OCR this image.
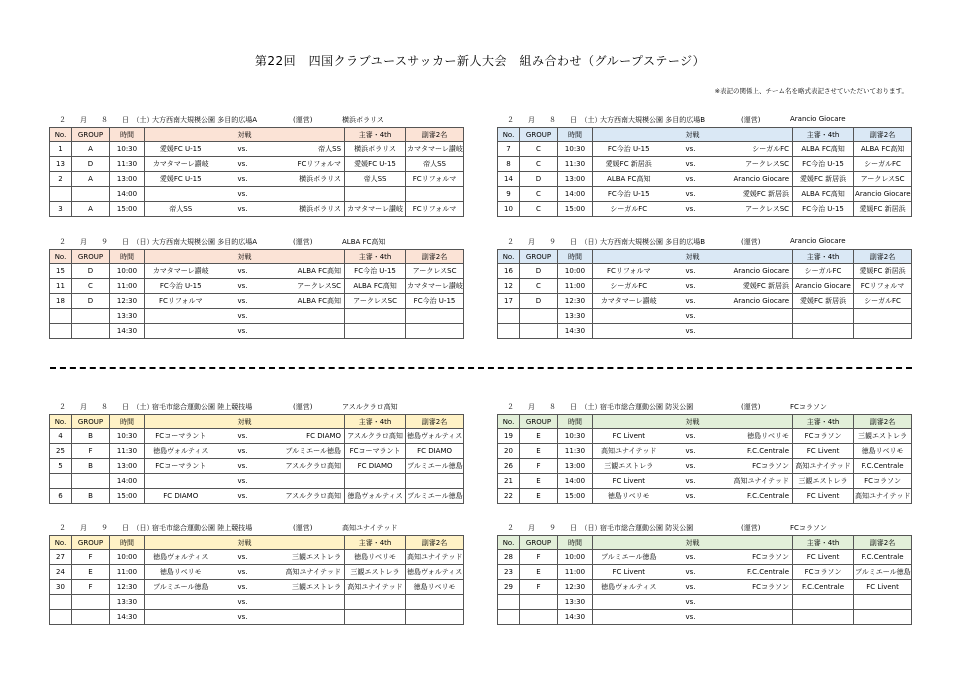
第22回　四国クラブユースサッカー新人大会　組み合わせ（グループステージ）
※表記の関係上、チーム名を略式表記させていただいております。
２　　月　　８　　日　（土）
大方西南大規模公園 多目的広場A	(運営)	横浜ボラリス
No.	GROUP	時間	対戦			主審・4th	副審2名
1	A	10:30	愛媛FC U-15	vs.	帝人SS	横浜ボラリス	カマタマーレ讃岐
13	D	11:30	カマタマーレ讃岐	vs.	FCリフォルマ	愛媛FC U-15	帝人SS
2	A	13:00	愛媛FC U-15	vs.	横浜ボラリス	帝人SS	FCリフォルマ
		14:00		vs.			
3	A	15:00	帝人SS	vs.	横浜ボラリス	カマタマーレ讃岐	FCリフォルマ
２　　月　　８　　日　（土）
大方西南大規模公園 多目的広場B	(運営)	Arancio Giocare
No.	GROUP	時間	対戦			主審・4th	副審2名
7	C	10:30	FC今治 U-15	vs.	シーガルFC	ALBA FC高知	ALBA FC高知
8	C	11:30	愛媛FC 新居浜	vs.	アークレスSC	FC今治 U-15	シーガルFC
14	D	13:00	ALBA FC高知	vs.	Arancio Giocare	愛媛FC 新居浜	アークレスSC
9	C	14:00	FC今治 U-15	vs.	愛媛FC 新居浜	ALBA FC高知	Arancio Giocare
10	C	15:00	シーガルFC	vs.	アークレスSC	FC今治 U-15	愛媛FC 新居浜
２　　月　　９　　日　（日）
大方西南大規模公園 多目的広場A	(運営)	ALBA FC高知
No.	GROUP	時間	対戦			主審・4th	副審2名
15	D	10:00	カマタマーレ讃岐	vs.	ALBA FC高知	FC今治 U-15	アークレスSC
11	C	11:00	FC今治 U-15	vs.	アークレスSC	ALBA FC高知	カマタマーレ讃岐
18	D	12:30	FCリフォルマ	vs.	ALBA FC高知	アークレスSC	FC今治 U-15
		13:30		vs.			
		14:30		vs.			
２　　月　　９　　日　（日）
大方西南大規模公園 多目的広場B	(運営)	Arancio Giocare
No.	GROUP	時間	対戦			主審・4th	副審2名
16	D	10:00	FCリフォルマ	vs.	Arancio Giocare	シーガルFC	愛媛FC 新居浜
12	C	11:00	シーガルFC	vs.	愛媛FC 新居浜	Arancio Giocare	FCリフォルマ
17	D	12:30	カマタマーレ讃岐	vs.	Arancio Giocare	愛媛FC 新居浜	シーガルFC
		13:30		vs.			
		14:30		vs.			
２　　月　　８　　日　（土）
宿毛市総合運動公園 陸上競技場	(運営)	アスルクラロ高知
No.	GROUP	時間	対戦			主審・4th	副審2名
4	B	10:30	FCコーマラント	vs.	FC DIAMO	アスルクラロ高知	徳島ヴォルティス
25	F	11:30	徳島ヴォルティス	vs.	ブルミエール徳島	FCコーマラント	FC DIAMO
5	B	13:00	FCコーマラント	vs.	アスルクラロ高知	FC DIAMO	ブルミエール徳島
		14:00		vs.			
6	B	15:00	FC DIAMO	vs.	アスルクラロ高知	徳島ヴォルティス	ブルミエール徳島
２　　月　　８　　日　（土）
宿毛市総合運動公園 防災公園	(運営)	FCコラソン
No.	GROUP	時間	対戦			主審・4th	副審2名
19	E	10:30	FC Livent	vs.	徳島リベリモ	FCコラソン	三観エストレラ
20	E	11:30	高知ユナイテッド	vs.	F.C.Centrale	FC Livent	徳島リベリモ
26	F	13:00	三観エストレラ	vs.	FCコラソン	高知ユナイテッド	F.C.Centrale
21	E	14:00	FC Livent	vs.	高知ユナイテッド	三観エストレラ	FCコラソン
22	E	15:00	徳島リベリモ	vs.	F.C.Centrale	FC Livent	高知ユナイテッド
２　　月　　９　　日　（日）
宿毛市総合運動公園 陸上競技場	(運営)	高知ユナイテッド
No.	GROUP	時間	対戦			主審・4th	副審2名
27	F	10:00	徳島ヴォルティス	vs.	三観エストレラ	徳島リベリモ	高知ユナイテッド
24	E	11:00	徳島リベリモ	vs.	高知ユナイテッド	三観エストレラ	徳島ヴォルティス
30	F	12:30	ブルミエール徳島	vs.	三観エストレラ	高知ユナイテッド	徳島リベリモ
		13:30		vs.			
		14:30		vs.			
２　　月　　９　　日　（日）
宿毛市総合運動公園 防災公園	(運営)	FCコラソン
No.	GROUP	時間	対戦			主審・4th	副審2名
28	F	10:00	ブルミエール徳島	vs.	FCコラソン	FC Livent	F.C.Centrale
23	E	11:00	FC Livent	vs.	F.C.Centrale	FCコラソン	ブルミエール徳島
29	F	12:30	徳島ヴォルティス	vs.	FCコラソン	F.C.Centrale	FC Livent
		13:30		vs.			
		14:30		vs.			
